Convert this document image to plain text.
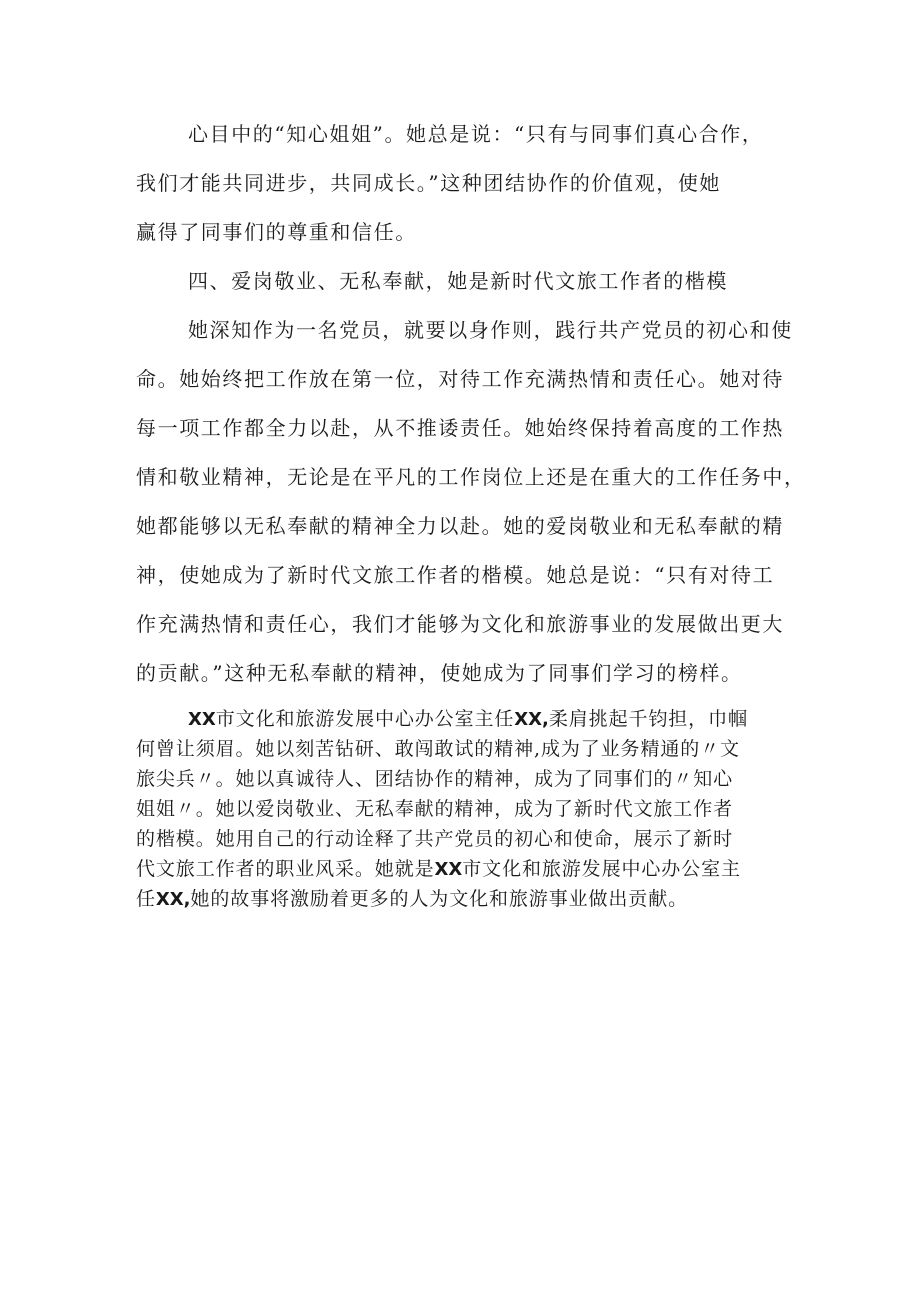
心目中的“知心姐姐”。她总是说：“只有与同事们真心合作，
我们才能共同进步，共同成长。”这种团结协作的价值观，使她
赢得了同事们的尊重和信任。
四、爱岗敬业、无私奉献，她是新时代文旅工作者的楷模
她深知作为一名党员，就要以身作则，践行共产党员的初心和使
命。她始终把工作放在第一位，对待工作充满热情和责任心。她对待
每一项工作都全力以赴，从不推诿责任。她始终保持着高度的工作热
情和敬业精神，无论是在平凡的工作岗位上还是在重大的工作任务中，
她都能够以无私奉献的精神全力以赴。她的爱岗敬业和无私奉献的精
神，使她成为了新时代文旅工作者的楷模。她总是说：“只有对待工
作充满热情和责任心，我们才能够为文化和旅游事业的发展做出更大
的贡献。”这种无私奉献的精神，使她成为了同事们学习的榜样。
XX市文化和旅游发展中心办公室主任XX,柔肩挑起千钧担，巾帼
何曾让须眉。她以刻苦钻研、敢闯敢试的精神,成为了业务精通的〃文
旅尖兵〃。她以真诚待人、团结协作的精神，成为了同事们的〃知心
姐姐〃。她以爱岗敬业、无私奉献的精神，成为了新时代文旅工作者
的楷模。她用自己的行动诠释了共产党员的初心和使命，展示了新时
代文旅工作者的职业风采。她就是XX市文化和旅游发展中心办公室主
任XX,她的故事将激励着更多的人为文化和旅游事业做出贡献。
